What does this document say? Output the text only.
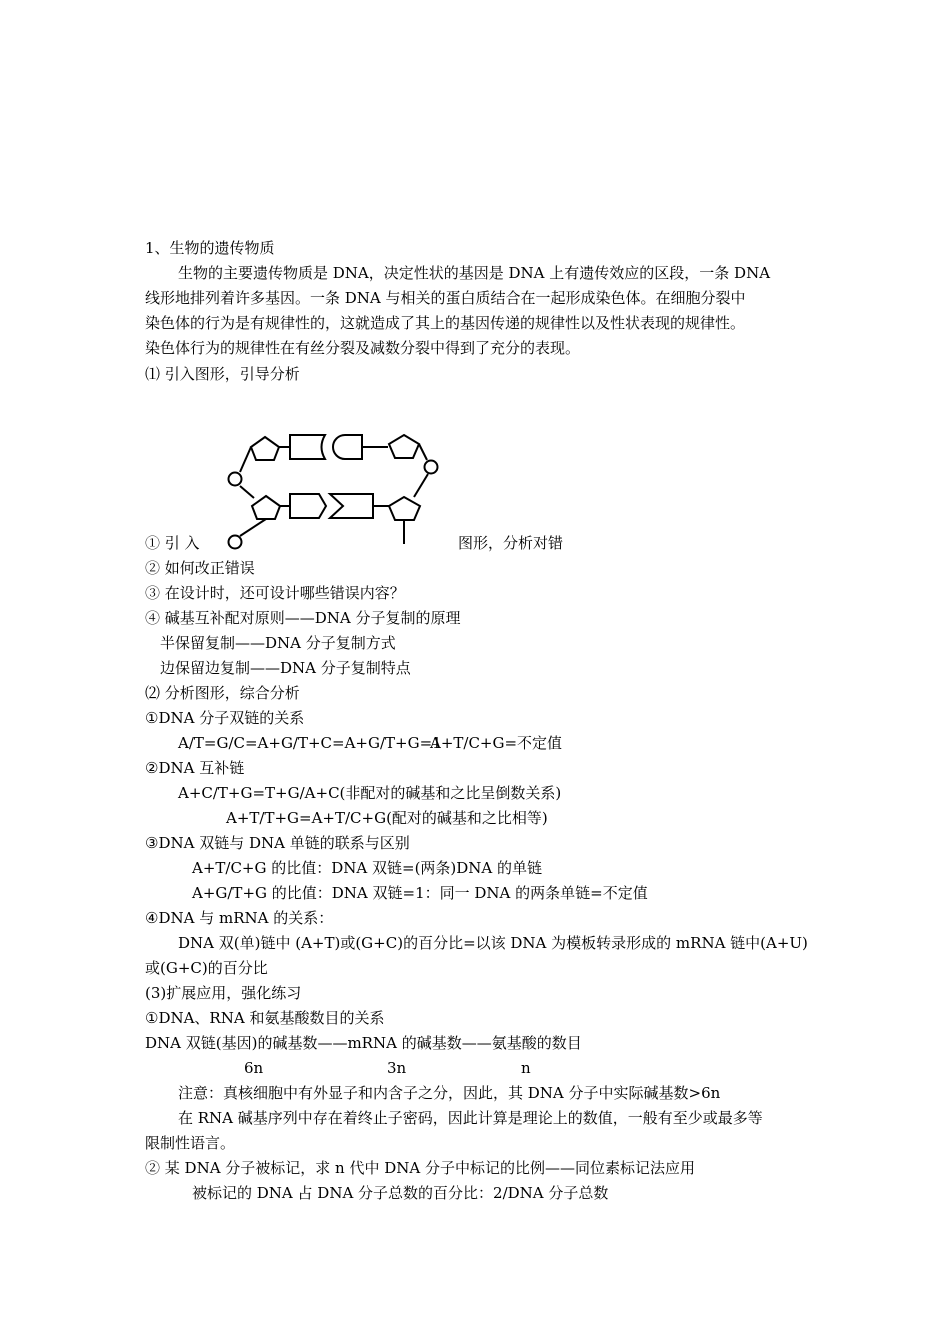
1、生物的遗传物质
生物的主要遗传物质是 DNA，决定性状的基因是 DNA 上有遗传效应的区段，一条 DNA
线形地排列着许多基因。一条 DNA 与相关的蛋白质结合在一起形成染色体。在细胞分裂中
染色体的行为是有规律性的，这就造成了其上的基因传递的规律性以及性状表现的规律性。
染色体行为的规律性在有丝分裂及减数分裂中得到了充分的表现。
⑴ 引入图形，引导分析
① 引 入	图形，分析对错
② 如何改正错误
③ 在设计时，还可设计哪些错误内容？
④ 碱基互补配对原则——DNA 分子复制的原理
半保留复制——DNA 分子复制方式
边保留边复制——DNA 分子复制特点
⑵ 分析图形，综合分析
①DNA 分子双链的关系
A/T=G/C=A+G/T+C=A+G/T+G=1
A+T/C+G=不定值
②DNA 互补链
A+C/T+G=T+G/A+C(非配对的碱基和之比呈倒数关系)
A+T/T+G=A+T/C+G(配对的碱基和之比相等)
③DNA 双链与 DNA 单链的联系与区别
A+T/C+G 的比值：DNA 双链=(两条)DNA 的单链
A+G/T+G 的比值：DNA 双链=1：同一 DNA 的两条单链=不定值
④DNA 与 mRNA 的关系：
DNA 双(单)链中 (A+T)或(G+C)的百分比=以该 DNA 为模板转录形成的 mRNA 链中(A+U)
或(G+C)的百分比
(3)扩展应用，强化练习
①DNA、RNA 和氨基酸数目的关系
DNA 双链(基因)的碱基数——mRNA 的碱基数——氨基酸的数目
6n	3n	n
注意：真核细胞中有外显子和内含子之分，因此，其 DNA 分子中实际碱基数>6n
在 RNA 碱基序列中存在着终止子密码，因此计算是理论上的数值，一般有至少或最多等
限制性语言。
② 某 DNA 分子被标记，求 n 代中 DNA 分子中标记的比例——同位素标记法应用
被标记的 DNA 占 DNA 分子总数的百分比：2/DNA 分子总数
